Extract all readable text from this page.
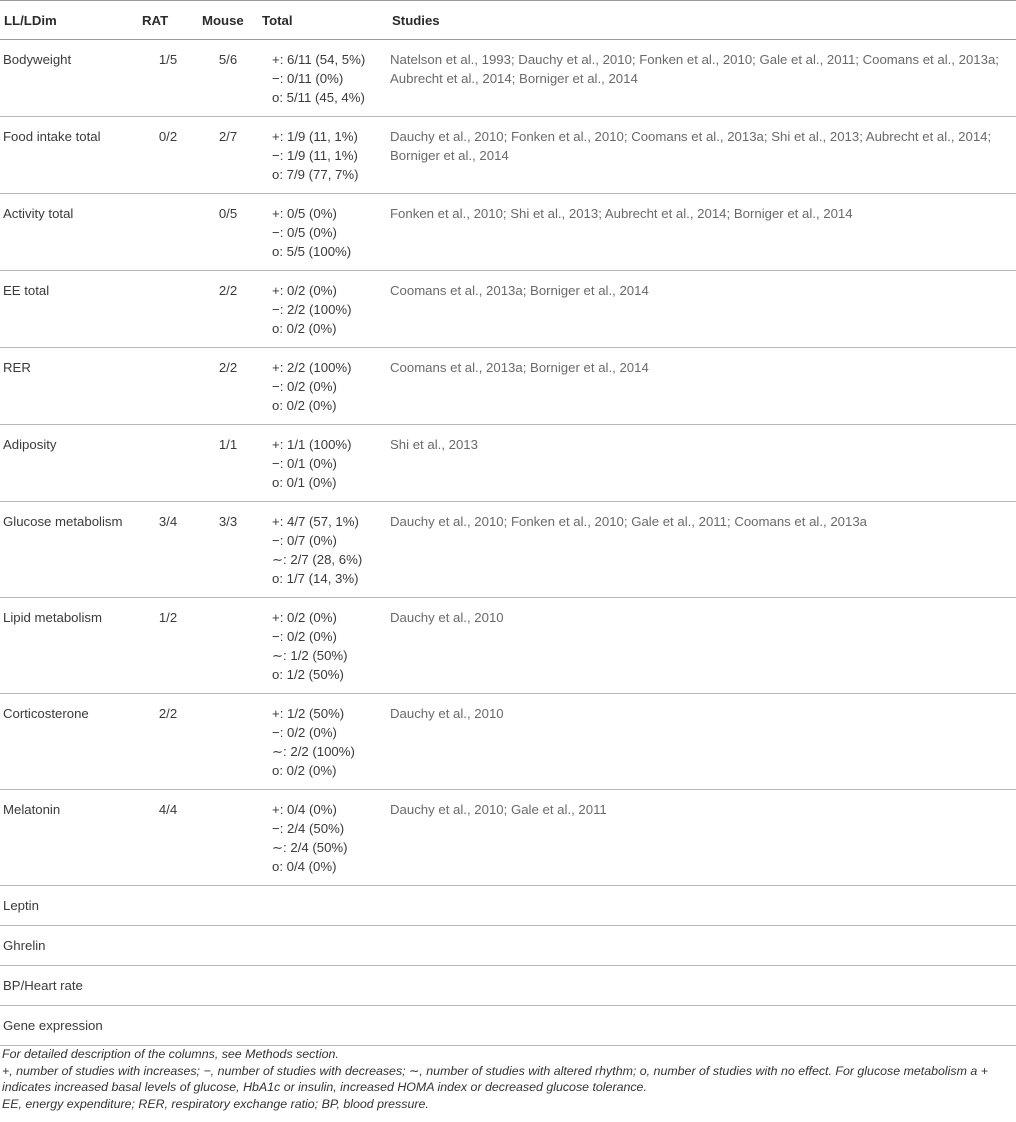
LL/LDim	RAT	Mouse	Total	Studies
Bodyweight	1/5	5/6	+: 6/11 (54, 5%)
−: 0/11 (0%)
o: 5/11 (45, 4%)	Natelson et al., 1993; Dauchy et al., 2010; Fonken et al., 2010; Gale et al., 2011; Coomans et al., 2013a; Aubrecht et al., 2014; Borniger et al., 2014
Food intake total	0/2	2/7	+: 1/9 (11, 1%)
−: 1/9 (11, 1%)
o: 7/9 (77, 7%)	Dauchy et al., 2010; Fonken et al., 2010; Coomans et al., 2013a; Shi et al., 2013; Aubrecht et al., 2014; Borniger et al., 2014
Activity total		0/5	+: 0/5 (0%)
−: 0/5 (0%)
o: 5/5 (100%)	Fonken et al., 2010; Shi et al., 2013; Aubrecht et al., 2014; Borniger et al., 2014
EE total		2/2	+: 0/2 (0%)
−: 2/2 (100%)
o: 0/2 (0%)	Coomans et al., 2013a; Borniger et al., 2014
RER		2/2	+: 2/2 (100%)
−: 0/2 (0%)
o: 0/2 (0%)	Coomans et al., 2013a; Borniger et al., 2014
Adiposity		1/1	+: 1/1 (100%)
−: 0/1 (0%)
o: 0/1 (0%)	Shi et al., 2013
Glucose metabolism	3/4	3/3	+: 4/7 (57, 1%)
−: 0/7 (0%)
∼: 2/7 (28, 6%)
o: 1/7 (14, 3%)	Dauchy et al., 2010; Fonken et al., 2010; Gale et al., 2011; Coomans et al., 2013a
Lipid metabolism	1/2		+: 0/2 (0%)
−: 0/2 (0%)
∼: 1/2 (50%)
o: 1/2 (50%)	Dauchy et al., 2010
Corticosterone	2/2		+: 1/2 (50%)
−: 0/2 (0%)
∼: 2/2 (100%)
o: 0/2 (0%)	Dauchy et al., 2010
Melatonin	4/4		+: 0/4 (0%)
−: 2/4 (50%)
∼: 2/4 (50%)
o: 0/4 (0%)	Dauchy et al., 2010; Gale et al., 2011
Leptin				
Ghrelin				
BP/Heart rate				
Gene expression				

For detailed description of the columns, see Methods section.

+, number of studies with increases; −, number of studies with decreases; ∼, number of studies with altered rhythm; o, number of studies with no effect. For glucose metabolism a + indicates increased basal levels of glucose, HbA1c or insulin, increased HOMA index or decreased glucose tolerance.

EE, energy expenditure; RER, respiratory exchange ratio; BP, blood pressure.
